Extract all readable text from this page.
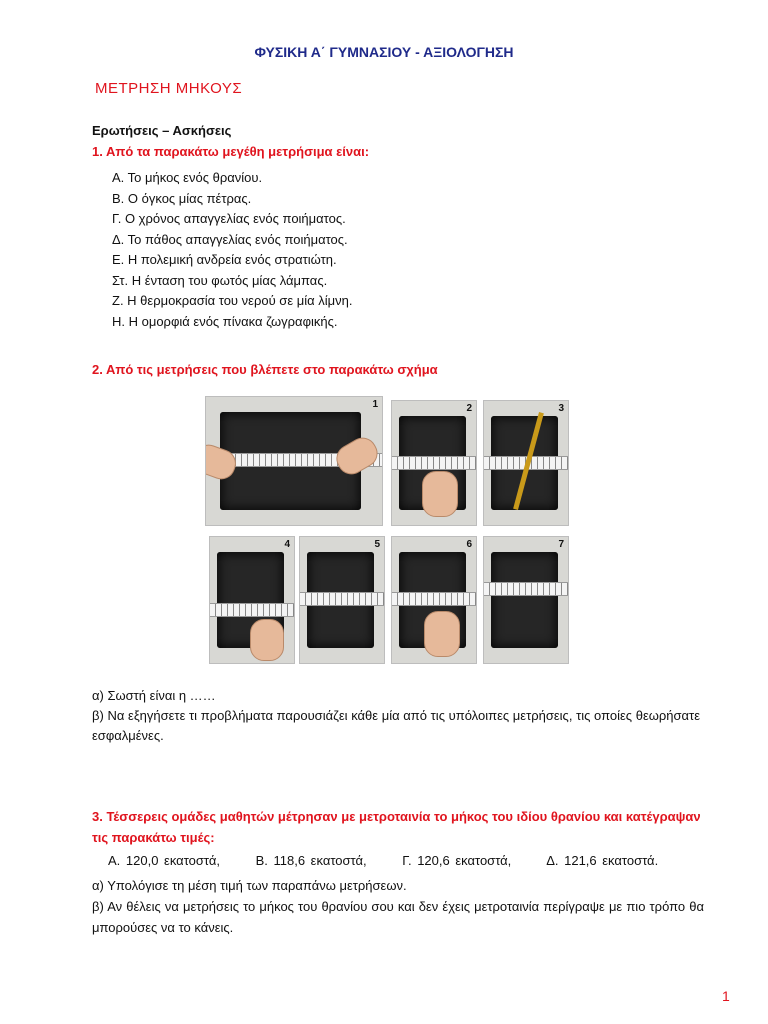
ΦΥΣΙΚΗ Α΄ ΓΥΜΝΑΣΙΟΥ - ΑΞΙΟΛΟΓΗΣΗ
ΜΕΤΡΗΣΗ ΜΗΚΟΥΣ
Ερωτήσεις – Ασκήσεις
1. Από τα παρακάτω μεγέθη μετρήσιμα είναι:
Α. Το μήκος ενός θρανίου.
Β. Ο όγκος μίας πέτρας.
Γ. Ο χρόνος απαγγελίας ενός ποιήματος.
Δ. Το πάθος απαγγελίας ενός ποιήματος.
Ε. Η πολεμική ανδρεία ενός στρατιώτη.
Στ. Η ένταση του φωτός μίας λάμπας.
Ζ. Η θερμοκρασία του νερού σε μία λίμνη.
Η. Η ομορφιά ενός πίνακα ζωγραφικής.
2. Από τις μετρήσεις που βλέπετε στο παρακάτω σχήμα
1	2	3
4	5	6	7
α) Σωστή είναι η ……
β) Να εξηγήσετε τι προβλήματα παρουσιάζει κάθε μία από τις υπόλοιπες μετρήσεις, τις οποίες θεωρήσατε εσφαλμένες.
3. Τέσσερεις ομάδες μαθητών μέτρησαν με μετροταινία το μήκος του ιδίου θρανίου και κατέγραψαν τις παρακάτω τιμές:
Α. 120,0 εκατοστά,	Β. 118,6 εκατοστά,	Γ. 120,6 εκατοστά,	Δ. 121,6 εκατοστά.
α) Υπολόγισε τη μέση τιμή των παραπάνω μετρήσεων.
β) Αν θέλεις να μετρήσεις το μήκος του θρανίου σου και δεν έχεις μετροταινία περίγραψε με πιο τρόπο θα μπορούσες να το κάνεις.
1
